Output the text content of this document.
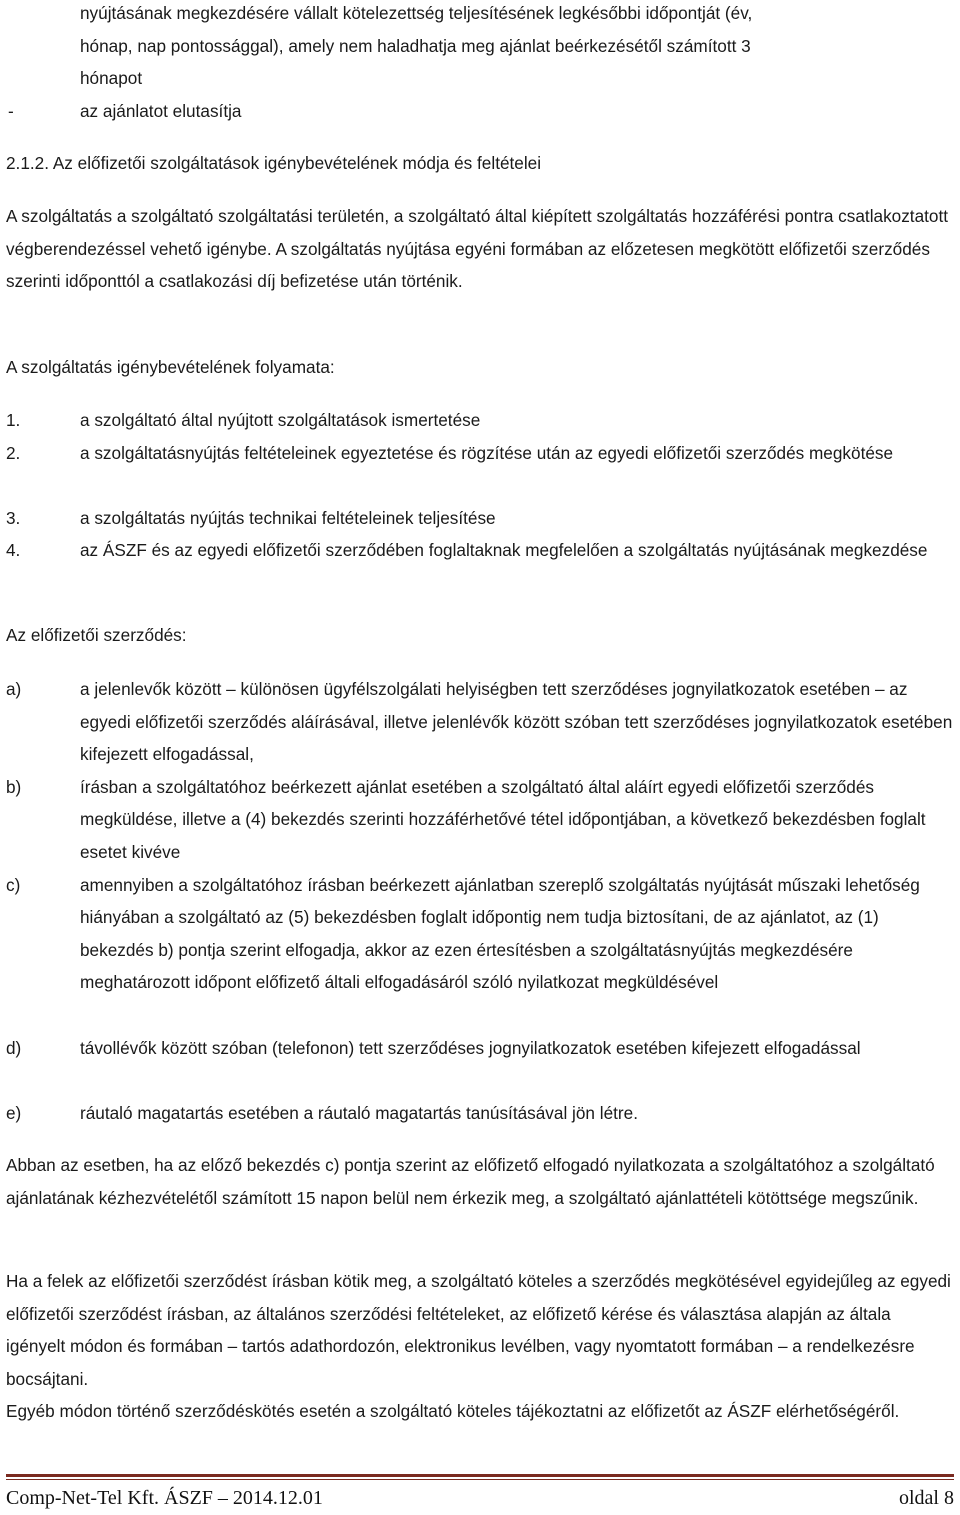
nyújtásának megkezdésére vállalt kötelezettség teljesítésének legkésőbbi időpontját (év,
hónap, nap pontossággal), amely nem haladhatja meg ajánlat beérkezésétől számított 3
hónapot
-	az ajánlatot elutasítja
2.1.2. Az előfizetői szolgáltatások igénybevételének módja és feltételei
A szolgáltatás a szolgáltató szolgáltatási területén, a szolgáltató által kiépített szolgáltatás hozzáférési pontra csatlakoztatott végberendezéssel vehető igénybe. A szolgáltatás nyújtása egyéni formában az előzetesen megkötött előfizetői szerződés szerinti időponttól a csatlakozási díj befizetése után történik.
A szolgáltatás igénybevételének folyamata:
1.	a szolgáltató által nyújtott szolgáltatások ismertetése
2.	a szolgáltatásnyújtás feltételeinek egyeztetése és rögzítése után az egyedi előfizetői szerződés megkötése
3.	a szolgáltatás nyújtás technikai feltételeinek teljesítése
4.	az ÁSZF és az egyedi előfizetői szerződében foglaltaknak megfelelően a szolgáltatás nyújtásának megkezdése
Az előfizetői szerződés:
a)	a jelenlevők között – különösen ügyfélszolgálati helyiségben tett szerződéses jognyilatkozatok esetében – az egyedi előfizetői szerződés aláírásával, illetve jelenlévők között szóban tett szerződéses jognyilatkozatok esetében kifejezett elfogadással,
b)	írásban a szolgáltatóhoz beérkezett ajánlat esetében a szolgáltató által aláírt egyedi előfizetői szerződés megküldése, illetve a (4) bekezdés szerinti hozzáférhetővé tétel időpontjában, a következő bekezdésben foglalt esetet kivéve
c)	amennyiben a szolgáltatóhoz írásban beérkezett ajánlatban szereplő szolgáltatás nyújtását műszaki lehetőség hiányában a szolgáltató az (5) bekezdésben foglalt időpontig nem tudja biztosítani, de az ajánlatot, az (1) bekezdés b) pontja szerint elfogadja, akkor az ezen értesítésben a szolgáltatásnyújtás megkezdésére meghatározott időpont előfizető általi elfogadásáról szóló nyilatkozat megküldésével
d)	távollévők között szóban (telefonon) tett szerződéses jognyilatkozatok esetében kifejezett elfogadással
e)	ráutaló magatartás esetében a ráutaló magatartás tanúsításával jön létre.
Abban az esetben, ha az előző bekezdés c) pontja szerint az előfizető elfogadó nyilatkozata a szolgáltatóhoz a szolgáltató ajánlatának kézhezvételétől számított 15 napon belül nem érkezik meg, a szolgáltató ajánlattételi kötöttsége megszűnik.
Ha a felek az előfizetői szerződést írásban kötik meg, a szolgáltató köteles a szerződés megkötésével egyidejűleg az egyedi előfizetői szerződést írásban, az általános szerződési feltételeket, az előfizető kérése és választása alapján az általa igényelt módon és formában – tartós adathordozón, elektronikus levélben, vagy nyomtatott formában – a rendelkezésre bocsájtani.
Egyéb módon történő szerződéskötés esetén a szolgáltató köteles tájékoztatni az előfizetőt az ÁSZF elérhetőségéről.
Comp-Net-Tel Kft. ÁSZF – 2014.12.01	oldal 8
